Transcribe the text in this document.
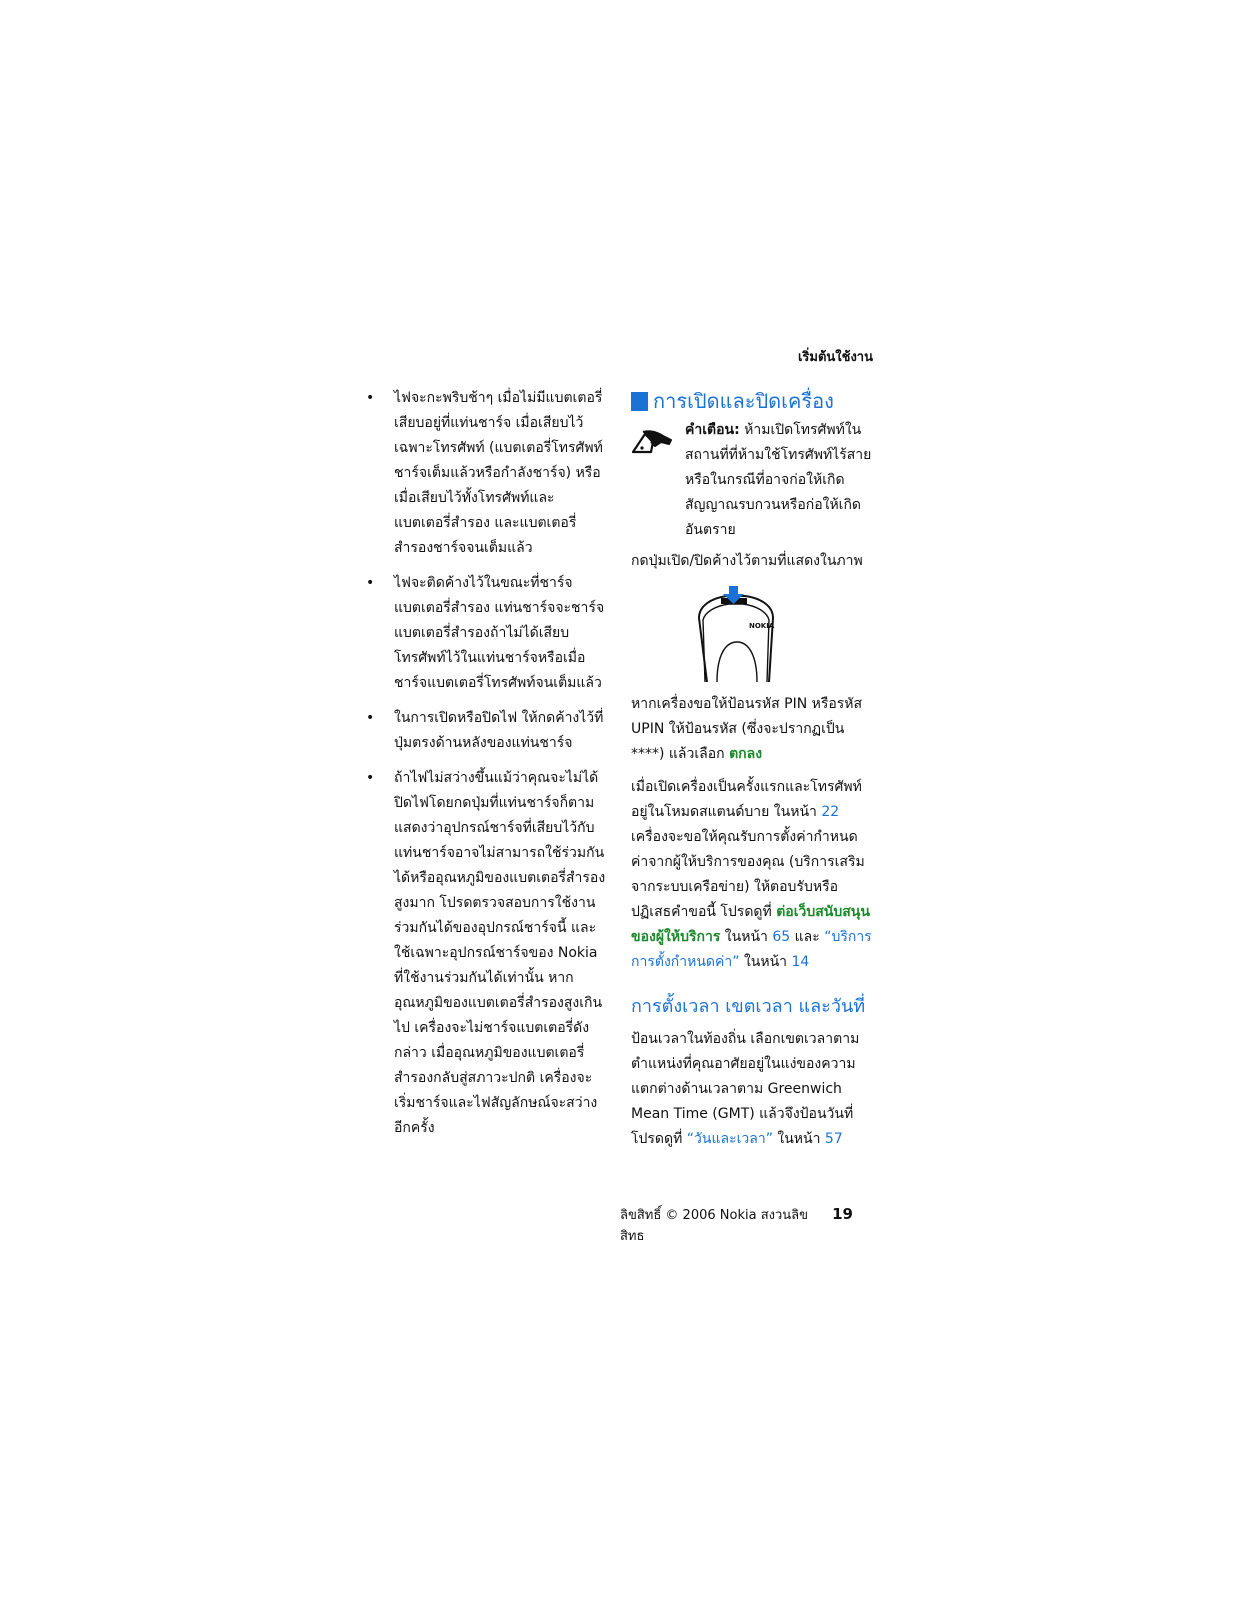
เริ่มต้นใช้งาน
• ไฟจะกะพริบช้าๆ เมื่อไม่มีแบตเตอรี่เสียบอยู่ที่แท่นชาร์จ เมื่อเสียบไว้เฉพาะโทรศัพท์ (แบตเตอรี่โทรศัพท์ชาร์จเต็มแล้วหรือกำลังชาร์จ) หรือเมื่อเสียบไว้ทั้งโทรศัพท์และแบตเตอรี่สำรอง และแบตเตอรี่สำรองชาร์จจนเต็มแล้ว
• ไฟจะติดค้างไว้ในขณะที่ชาร์จแบตเตอรี่สำรอง แท่นชาร์จจะชาร์จแบตเตอรี่สำรองถ้าไม่ได้เสียบโทรศัพท์ไว้ในแท่นชาร์จหรือเมื่อชาร์จแบตเตอรี่โทรศัพท์จนเต็มแล้ว
• ในการเปิดหรือปิดไฟ ให้กดค้างไว้ที่ปุ่มตรงด้านหลังของแท่นชาร์จ
• ถ้าไฟไม่สว่างขึ้นแม้ว่าคุณจะไม่ได้ปิดไฟโดยกดปุ่มที่แท่นชาร์จก็ตาม แสดงว่าอุปกรณ์ชาร์จที่เสียบไว้กับแท่นชาร์จอาจไม่สามารถใช้ร่วมกันได้หรืออุณหภูมิของแบตเตอรี่สำรองสูงมาก โปรดตรวจสอบการใช้งานร่วมกันได้ของอุปกรณ์ชาร์จนี้ และใช้เฉพาะอุปกรณ์ชาร์จของ Nokia ที่ใช้งานร่วมกันได้เท่านั้น หากอุณหภูมิของแบตเตอรี่สำรองสูงเกินไป เครื่องจะไม่ชาร์จแบตเตอรี่ดังกล่าว เมื่ออุณหภูมิของแบตเตอรี่สำรองกลับสู่สภาวะปกติ เครื่องจะเริ่มชาร์จและไฟสัญลักษณ์จะสว่างอีกครั้ง
การเปิดและปิดเครื่อง
คำเตือน: ห้ามเปิดโทรศัพท์ในสถานที่ที่ห้ามใช้โทรศัพท์ไร้สาย หรือในกรณีที่อาจก่อให้เกิดสัญญาณรบกวนหรือก่อให้เกิดอันตราย

กดปุ่มเปิด/ปิดค้างไว้ตามที่แสดงในภาพ

NOKIA

หากเครื่องขอให้ป้อนรหัส PIN หรือรหัส UPIN ให้ป้อนรหัส (ซึ่งจะปรากฏเป็น ****) แล้วเลือก ตกลง

เมื่อเปิดเครื่องเป็นครั้งแรกและโทรศัพท์อยู่ในโหมดสแตนด์บาย ในหน้า 22 เครื่องจะขอให้คุณรับการตั้งค่ากำหนดค่าจากผู้ให้บริการของคุณ (บริการเสริมจากระบบเครือข่าย) ให้ตอบรับหรือปฏิเสธคำขอนี้ โปรดดูที่ ต่อเว็บสนับสนุนของผู้ให้บริการ ในหน้า 65 และ “บริการการตั้งกำหนดค่า” ในหน้า 14

การตั้งเวลา เขตเวลา และวันที่

ป้อนเวลาในท้องถิ่น เลือกเขตเวลาตามตำแหน่งที่คุณอาศัยอยู่ในแง่ของความแตกต่างด้านเวลาตาม Greenwich Mean Time (GMT) แล้วจึงป้อนวันที่ โปรดดูที่ “วันและเวลา” ในหน้า 57

ลิขสิทธิ์ © 2006 Nokia สงวนลิขสิทธ
19
